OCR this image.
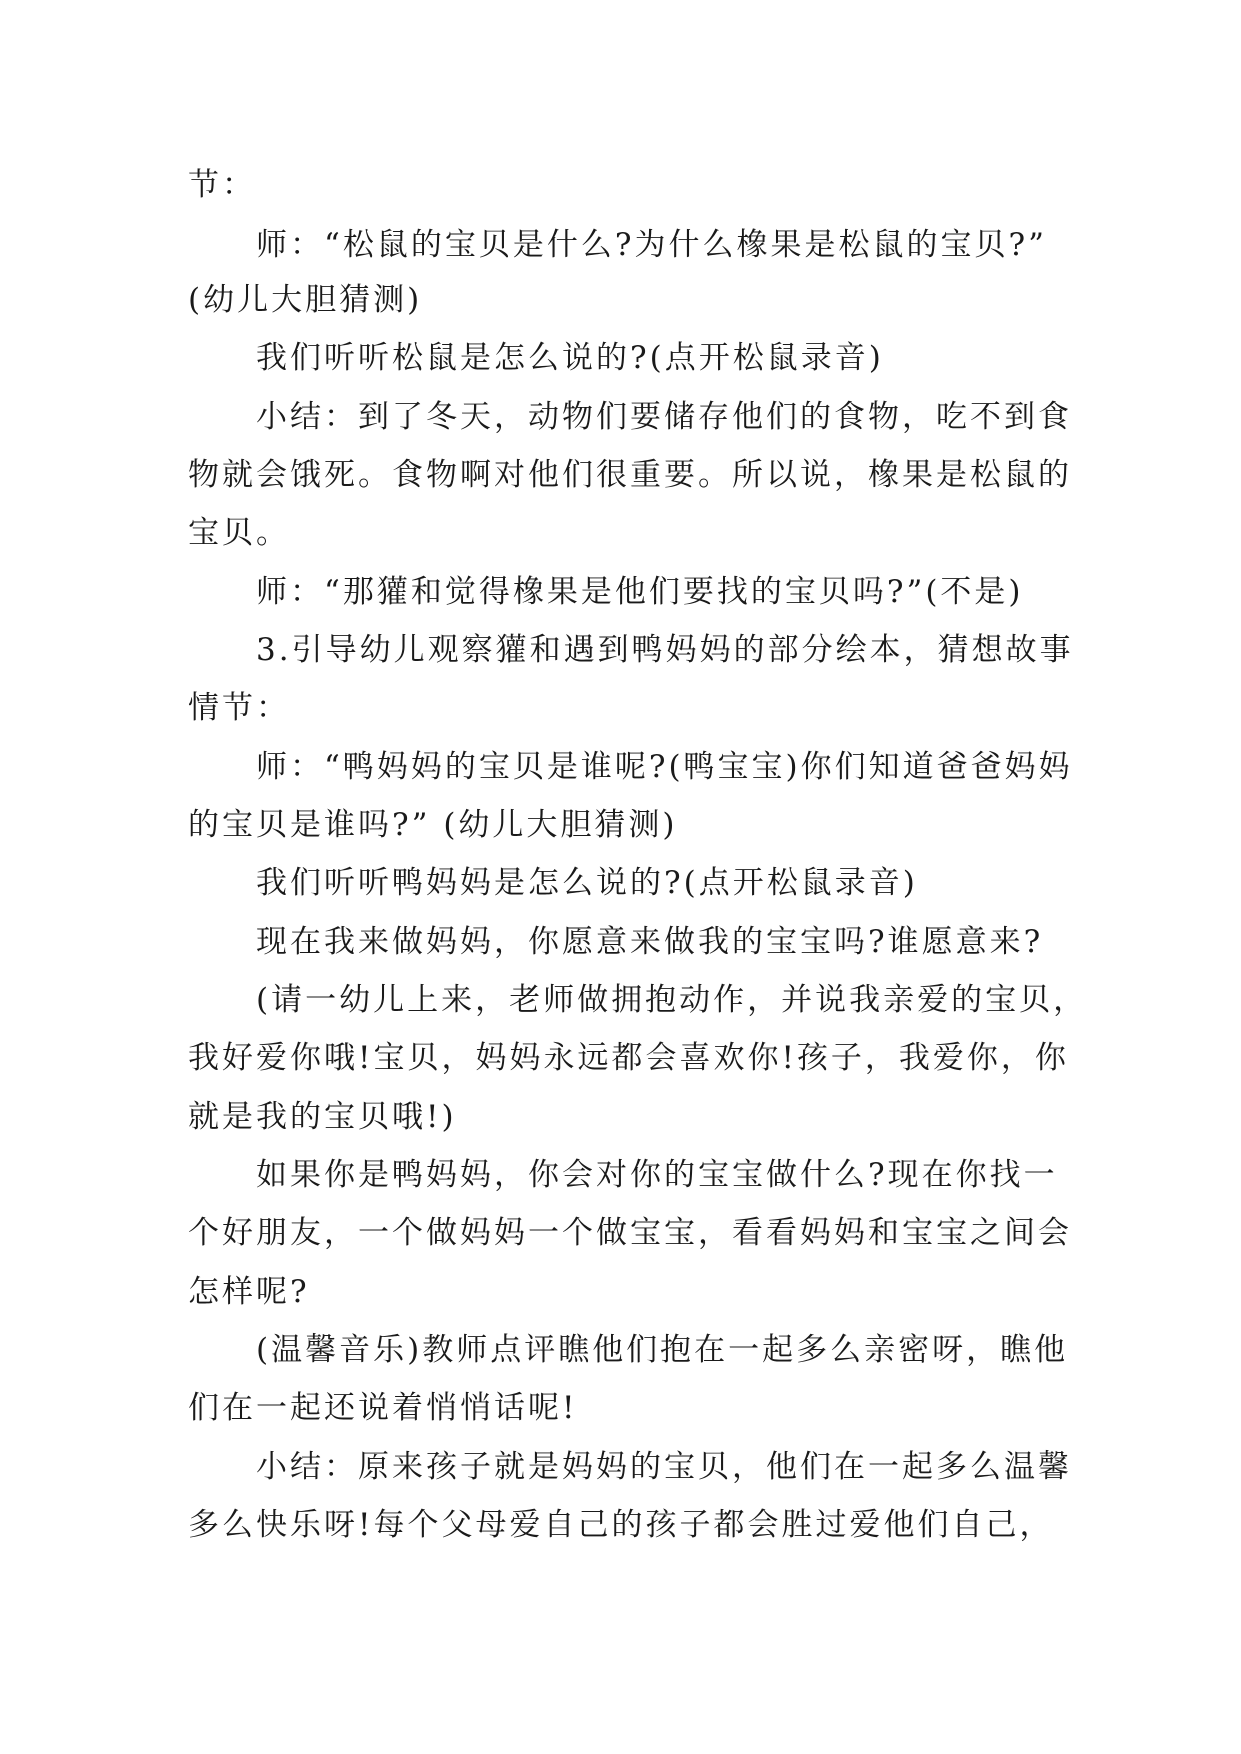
节：
师：“松鼠的宝贝是什么?为什么橡果是松鼠的宝贝?”
(幼儿大胆猜测)
我们听听松鼠是怎么说的?(点开松鼠录音)
小结：到了冬天，动物们要储存他们的食物，吃不到食
物就会饿死。食物啊对他们很重要。所以说，橡果是松鼠的
宝贝。
师：“那獾和觉得橡果是他们要找的宝贝吗?”(不是)
3.引导幼儿观察獾和遇到鸭妈妈的部分绘本，猜想故事
情节：
师：“鸭妈妈的宝贝是谁呢?(鸭宝宝)你们知道爸爸妈妈
的宝贝是谁吗?” (幼儿大胆猜测)
我们听听鸭妈妈是怎么说的?(点开松鼠录音)
现在我来做妈妈，你愿意来做我的宝宝吗?谁愿意来?
(请一幼儿上来，老师做拥抱动作，并说我亲爱的宝贝，
我好爱你哦!宝贝，妈妈永远都会喜欢你!孩子，我爱你，你
就是我的宝贝哦!)
如果你是鸭妈妈，你会对你的宝宝做什么?现在你找一
个好朋友，一个做妈妈一个做宝宝，看看妈妈和宝宝之间会
怎样呢?
(温馨音乐)教师点评瞧他们抱在一起多么亲密呀，瞧他
们在一起还说着悄悄话呢!
小结：原来孩子就是妈妈的宝贝，他们在一起多么温馨
多么快乐呀!每个父母爱自己的孩子都会胜过爱他们自己，
